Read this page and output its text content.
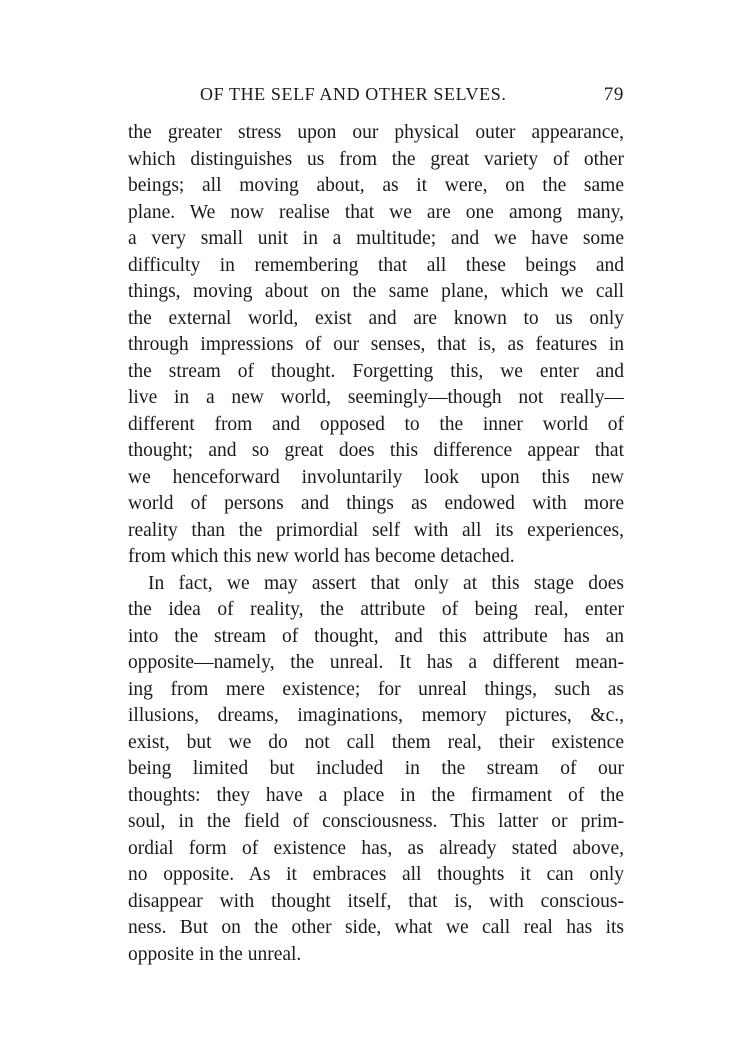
OF THE SELF AND OTHER SELVES.	79
the greater stress upon our physical outer appearance,
which distinguishes us from the great variety of other
beings; all moving about, as it were, on the same
plane. We now realise that we are one among many,
a very small unit in a multitude; and we have some
difficulty in remembering that all these beings and
things, moving about on the same plane, which we call
the external world, exist and are known to us only
through impressions of our senses, that is, as features in
the stream of thought. Forgetting this, we enter and
live in a new world, seemingly—though not really—
different from and opposed to the inner world of
thought; and so great does this difference appear that
we henceforward involuntarily look upon this new
world of persons and things as endowed with more
reality than the primordial self with all its experiences,
from which this new world has become detached.
In fact, we may assert that only at this stage does
the idea of reality, the attribute of being real, enter
into the stream of thought, and this attribute has an
opposite—namely, the unreal. It has a different mean-
ing from mere existence; for unreal things, such as
illusions, dreams, imaginations, memory pictures, &c.,
exist, but we do not call them real, their existence
being limited but included in the stream of our
thoughts: they have a place in the firmament of the
soul, in the field of consciousness. This latter or prim-
ordial form of existence has, as already stated above,
no opposite. As it embraces all thoughts it can only
disappear with thought itself, that is, with conscious-
ness. But on the other side, what we call real has its
opposite in the unreal.
